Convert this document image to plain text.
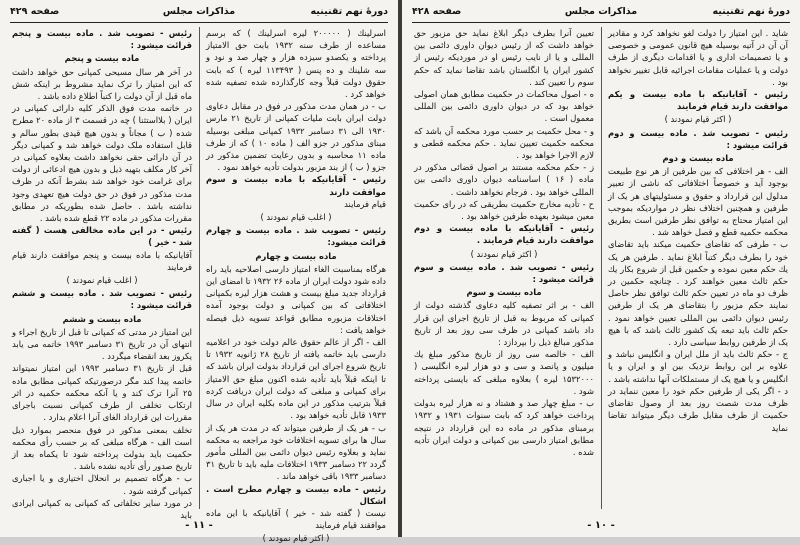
دورهٔ نهم تقنینیه
مذاکرات مجلس
صفحه ۴۲۹

اسرلینك ( ۲۰۰۰۰۰ لیره اسرلینك ) که برسم مساعده از طرف سنه ۱۹۳۲ بابت حق الامتیاز پرداخته و یکصدو سیزده هزار و چهار صد و نود و سه شلینك و ده پنس ( ۱۱۳۴۹۳ لیره ) که بابت حقوق دولت قبلاً وجه کارگذارده شده تصفیه شده خواهد کرد .

ب - در همان مدت مذکور در فوق در مقابل دعاوی دولت ایران بابت ملیات کمپانی از تاریخ ۲۱ مارس ۱۹۳۰ الی ۳۱ دسامبر ۱۹۳۲ کمپانی مبلغی بوسیله مبنای مذکور در جزو الف ( ماده ۱۰ ) که از طرف ماده ۱۱ محاسبه و بدون رعایت تضمین مذکور در جزو ( ب ) از بند مزبور بدولت تأدیه خواهد نمود .

رئیس - آقایانیکه با ماده بیست و سوم موافقت دارند

قیام فرمایند

( اغلب قیام نمودند )

رئیس - تصویب شد . ماده بیست و چهارم قرائت میشود:

ماده بیست و چهارم

هرگاه بمناسبت الغاء امتیاز دارسی اصلاحیه باید راه داده شود دولت ایران از ماده ۲۶ ۱۹۳۲ تا امضای این قرارداد جدید مبلغ بیست و هشت هزار لیره بکمپانی اختلافاتی که بین کمپانی و دولت بوجود آمده اختلافات مزبوره مطابق قواعد تسویه ذیل فیصله خواهد یافت :

الف - اگر از عالم حقوق عالم دولت خود در اعلامیه دارسی باید خاتمه یافته از تاریخ ۲۸ ژانویه ۱۹۳۲ تا تاریخ شروع اجرای این قرارداد بدولت ایران باشد که تا اینکه قبلاً باید تأدیه شده اکنون مبلغ حق الامتیاز برای کمپانی و مبلغی که دولت ایران دریافت کرده قبلاً بترتیب مذکور در این ماده بکلیه ایران در سال ۱۹۳۳ قابل تأدیه خواهد بود .

ب - هر یک از طرفین میتواند که در مدت هر یک از سال ها برای تسویه اختلافات خود مراجعه به محکمه نماید و بعلاوه رئیس دیوان دائمی بین المللی مأمور گردد ۲۲ دسامبر ۱۹۳۳ اختلافات ملیه باید تا تاریخ ۳۱ دسامبر ۱۹۳۳ باقی خواهد ماند .

رئیس - ماده بیست و چهارم مطرح است . اشکال

نیست ( گفته شد - خیر ) آقایانیکه با این ماده موافقند قیام فرمایند

( اکثر قیام نمودند )

رئیس - تصویب شد . ماده بیست و پنجم قرائت میشود :

ماده بیست و پنجم

در آخر هر سال مسیحی کمپانی حق خواهد داشت که این امتیاز را ترک نماید مشروط بر اینکه شش ماه قبل از آن دولت را کتباً اطلاع داده باشد .

در خاتمه مدت فوق الذکر کلیه دارائی کمپانی در ایران ( بلااستثنا ) چه در قسمت ۳ از ماده ۲۰ مطرح شده ( ب ) مجاناً و بدون هیچ قیدی بطور سالم و قابل استفاده ملک دولت خواهد شد و کمپانی دیگر در آن دارائی حقی نخواهد داشت بعلاوه کمپانی در آخر کار مکلف بتهیه ذیل و بدون هیچ ادعائی از دولت برای غرامت خود خواهد شد بشرط آنکه در ظرف مدت مذکور در فوق در حق دولت هیچ تعهدی وجود نداشته باشد . حاصل شده بطوریکه در مطابق مقررات مذکور در ماده ۲۲ قطع شده باشد .

رئیس - در این ماده مخالفی هست ( گفته شد - خیر )

آقایانیکه با ماده بیست و پنجم موافقت دارند قیام فرمایند

( اغلب قیام نمودند )

رئیس - تصویب شد . ماده بیست و ششم قرائت میشود :

ماده بیست و ششم

این امتیاز در مدتی که کمپانی تا قبل از تاریخ اجراء و انتهای آن در تاریخ ۳۱ دسامبر ۱۹۹۳ خاتمه می یابد یکروز بعد انقضاء میگردد .

قبل از تاریخ ۳۱ دسامبر ۱۹۹۳ این امتیاز نمیتواند خاتمه پیدا کند مگر درصورتیکه کمپانی مطابق ماده ۲۵ آنرا ترک کند و یا آنکه محکمه حکمیه در اثر ارتکاب تخلفی از طرف کمپانی نسبت باجرای مقررات این قرارداد الغای آنرا اعلام بدارد .

تخلف بمعنی مذکور در فوق منحصر بموارد ذیل است الف - هرگاه مبلغی که بر حسب رأی محکمه حکمیت باید بدولت پرداخته شود تا یکماه بعد از تاریخ صدور رأی تأدیه نشده باشد .

ب - هرگاه تصمیم بر انحلال اختیاری و یا اجباری کمپانی گرفته شود .

در مورد سایر تخلفاتی که کمپانی به کمپانی ایرادی باید

- ۱۱ -
دورهٔ نهم تقنینیه
مذاکرات مجلس
صفحه ۴۲۸

شاید . این امتیاز را دولت لغو نخواهد کرد و مقادیر آن آن در آتیه بوسیله هیچ قانون عمومی و خصوصی و یا تصمیمات اداری و یا اقدامات دیگری از طرف دولت و یا عملیات مقامات اجرائیه قابل تغییر نخواهد بود .

رئیس - آقایانیکه با ماده بیست و یکم موافقت دارند قیام فرمایند

( اکثر قیام نمودند )

رئیس - تصویب شد . ماده بیست و دوم قرائت میشود :

ماده بیست و دوم

الف - هر اختلافی که بین طرفین از هر نوع طبیعت بوجود آید و خصوصاً اختلافاتی که ناشی از تعبیر مدلول این قرارداد و حقوق و مسئولیتهای هر یک از طرفین و همچنین اختلاف نظر در مواردیکه بموجب این امتیاز محتاج به توافق نظر طرفین است بطریق محکمه حکمیه قطع و فصل خواهد شد .

ب - طرفی که تقاضای حکمیت میکند باید تقاضای خود را بطرف دیگر کتباً ابلاغ نماید . طرفین هر یک یك حکم معین نموده و حکمین قبل از شروع بکار یك حکم ثالث معین خواهند کرد . چنانچه حکمین در ظرف دو ماه در تعیین حکم ثالث توافق نظر حاصل نمایند حکم مزبور را بتقاضای هر یک از طرفین رئیس دیوان دائمی بین المللی تعیین خواهد نمود . حکم ثالث باید تبعه یک کشور ثالث باشد که با هیچ یک از طرفین روابط سیاسی دارد .

ج - حکم ثالث باید از ملل ایران و انگلیس نباشد و علاوه بر این روابط نزدیک بین او و ایران و یا انگلیس و یا هیچ یک از مستملکات آنها نداشته باشد .

د - اگر یکی از طرفین حکم خود را معین ننماید در ظرف مدت شصت روز بعد از وصول تقاضای حکمیت از طرف مقابل طرف دیگر میتواند تقاضا نماید

تعیین آنرا بطرف دیگر ابلاغ نماید حق مزبور حق خواهد داشت که از رئیس دیوان داوری دائمی بین المللی و یا از نایب رئیس او در موردیکه رئیس از کشور ایران یا انگلستان باشد تقاضا نماید که حکم سوم را تعیین کند .

ه - اصول محاکمات در حکمیت مطابق همان اصولی خواهد بود که در دیوان داوری دائمی بین المللی معمول است .

و - محل حکمیت بر حسب مورد محکمه آن باشد که محکمه حکمیت تعیین نماید . حکم محکمه قطعی و لازم الاجرا خواهد بود .

ز - حکم محکمه مستند بر اصول قضائی مذکور در ماده ( ۱۶ ) اساسنامه دیوان داوری دائمی بین المللی خواهد بود . فرجام نخواهد داشت .

ح - تأدیه مخارج حکمیت بطریقی که در رای حکمیت معین میشود بعهده طرفین خواهد بود .

رئیس - آقایانیکه با ماده بیست و دوم موافقت دارند قیام فرمایند .

( اکثر قیام نمودند )

رئیس - تصویب شد . ماده بیست و سوم قرائت میشود :

ماده بیست و سوم

الف - بر اثر تصفیه کلیه دعاوی گذشته دولت از کمپانی که مربوط به قبل از تاریخ اجرای این قرار داد باشد کمپانی در ظرف سی روز بعد از تاریخ مذکور مبالغ ذیل را بپردازد :

الف - خالصه سی روز از تاریخ مذکور مبلغ یك میلیون و پانصد و سی و دو هزار لیره انگلیسی ( ۱۵۳۲۰۰۰ لیره ) بعلاوه مبلغی که بایستی پرداخته شود .

ب - مبلغ چهار صد و هشتاد و نه هزار لیره بدولت پرداخت خواهد کرد که بابت سنوات ۱۹۳۱ و ۱۹۳۲ برمبنای مذکور در ماده ده این قرارداد در نتیجه مطابق امتیاز دارسی بین کمپانی و دولت ایران تأدیه شده .

- ۱۰ -
